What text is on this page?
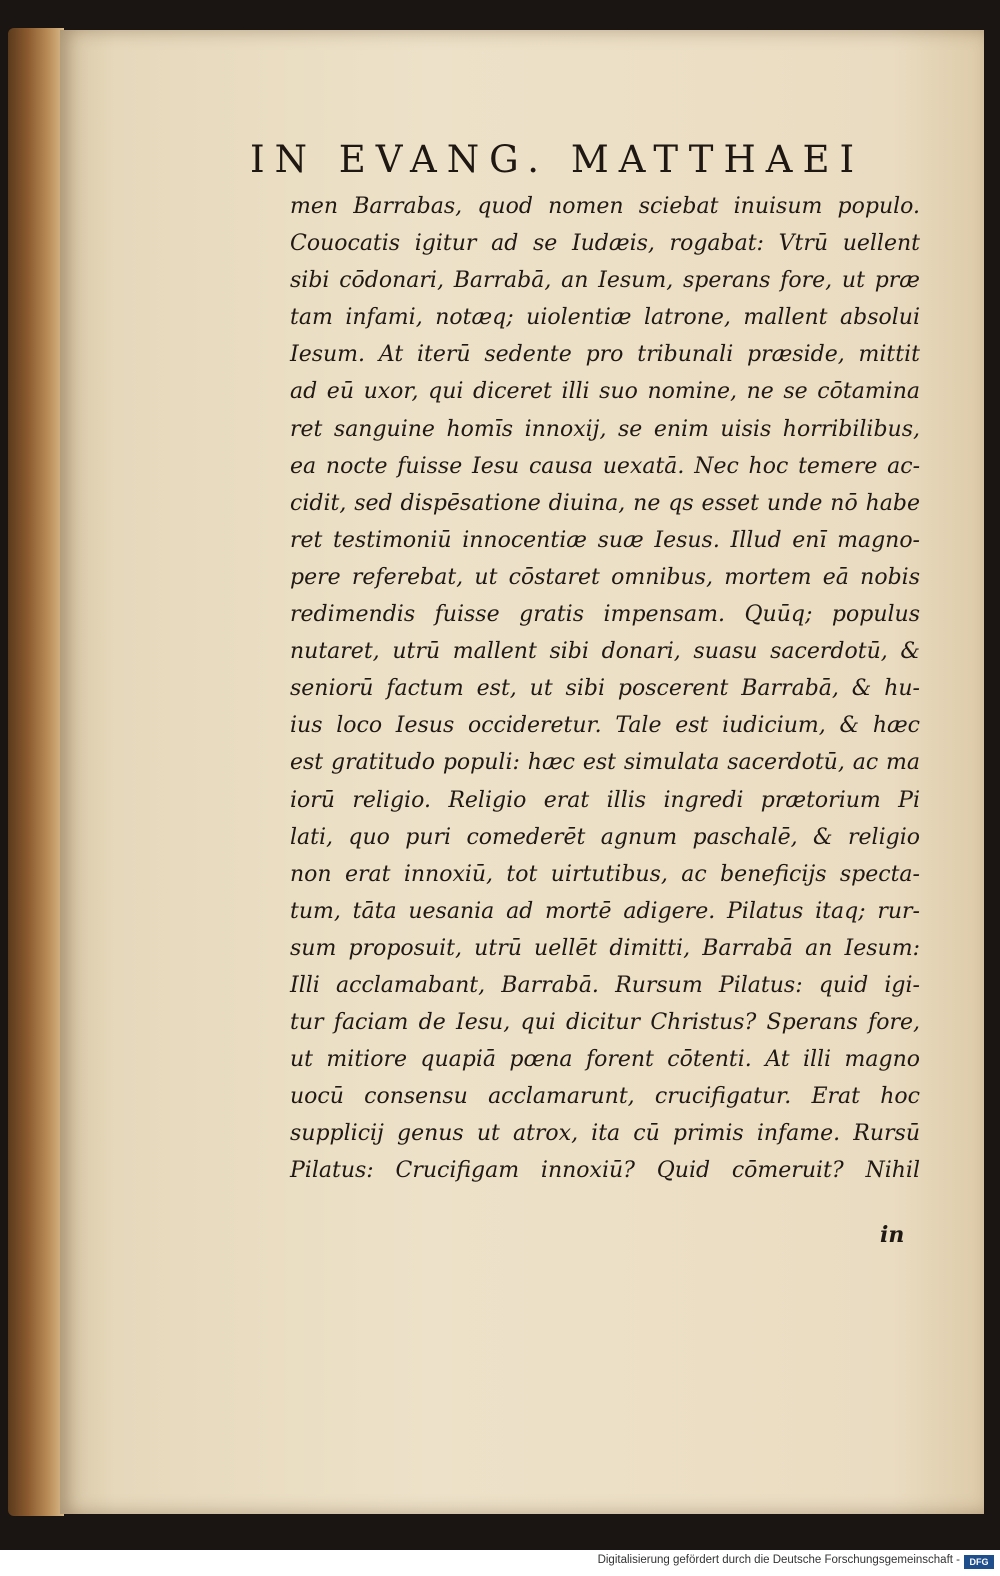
IN EVANG. MATTHAEI
men Barrabas, quod nomen sciebat inuisum populo.
Couocatis igitur ad se Iudæis, rogabat: Vtrū uellent
sibi cōdonari, Barrabā, an Iesum, sperans fore, ut præ
tam infami, notæq; uiolentiæ latrone, mallent absolui
Iesum. At iterū sedente pro tribunali præside, mittit
ad eū uxor, qui diceret illi suo nomine, ne se cōtamina
ret sanguine homīs innoxij, se enim uisis horribilibus,
ea nocte fuisse Iesu causa uexatā. Nec hoc temere ac-
cidit, sed dispēsatione diuina, ne qs esset unde nō habe
ret testimoniū innocentiæ suæ Iesus. Illud enī magno-
pere referebat, ut cōstaret omnibus, mortem eā nobis
redimendis fuisse gratis impensam. Quūq; populus
nutaret, utrū mallent sibi donari, suasu sacerdotū, &
seniorū factum est, ut sibi poscerent Barrabā, & hu-
ius loco Iesus occideretur. Tale est iudicium, & hæc
est gratitudo populi: hæc est simulata sacerdotū, ac ma
iorū religio. Religio erat illis ingredi prætorium Pi
lati, quo puri comederēt agnum paschalē, & religio
non erat innoxiū, tot uirtutibus, ac beneficijs specta-
tum, tāta uesania ad mortē adigere. Pilatus itaq; rur-
sum proposuit, utrū uellēt dimitti, Barrabā an Iesum:
Illi acclamabant, Barrabā. Rursum Pilatus: quid igi-
tur faciam de Iesu, qui dicitur Christus? Sperans fore,
ut mitiore quapiā pœna forent cōtenti. At illi magno
uocū consensu acclamarunt, crucifigatur. Erat hoc
supplicij genus ut atrox, ita cū primis infame. Rursū
Pilatus: Crucifigam innoxiū? Quid cōmeruit? Nihil
in
Digitalisierung gefördert durch die Deutsche Forschungsgemeinschaft -	DFG
